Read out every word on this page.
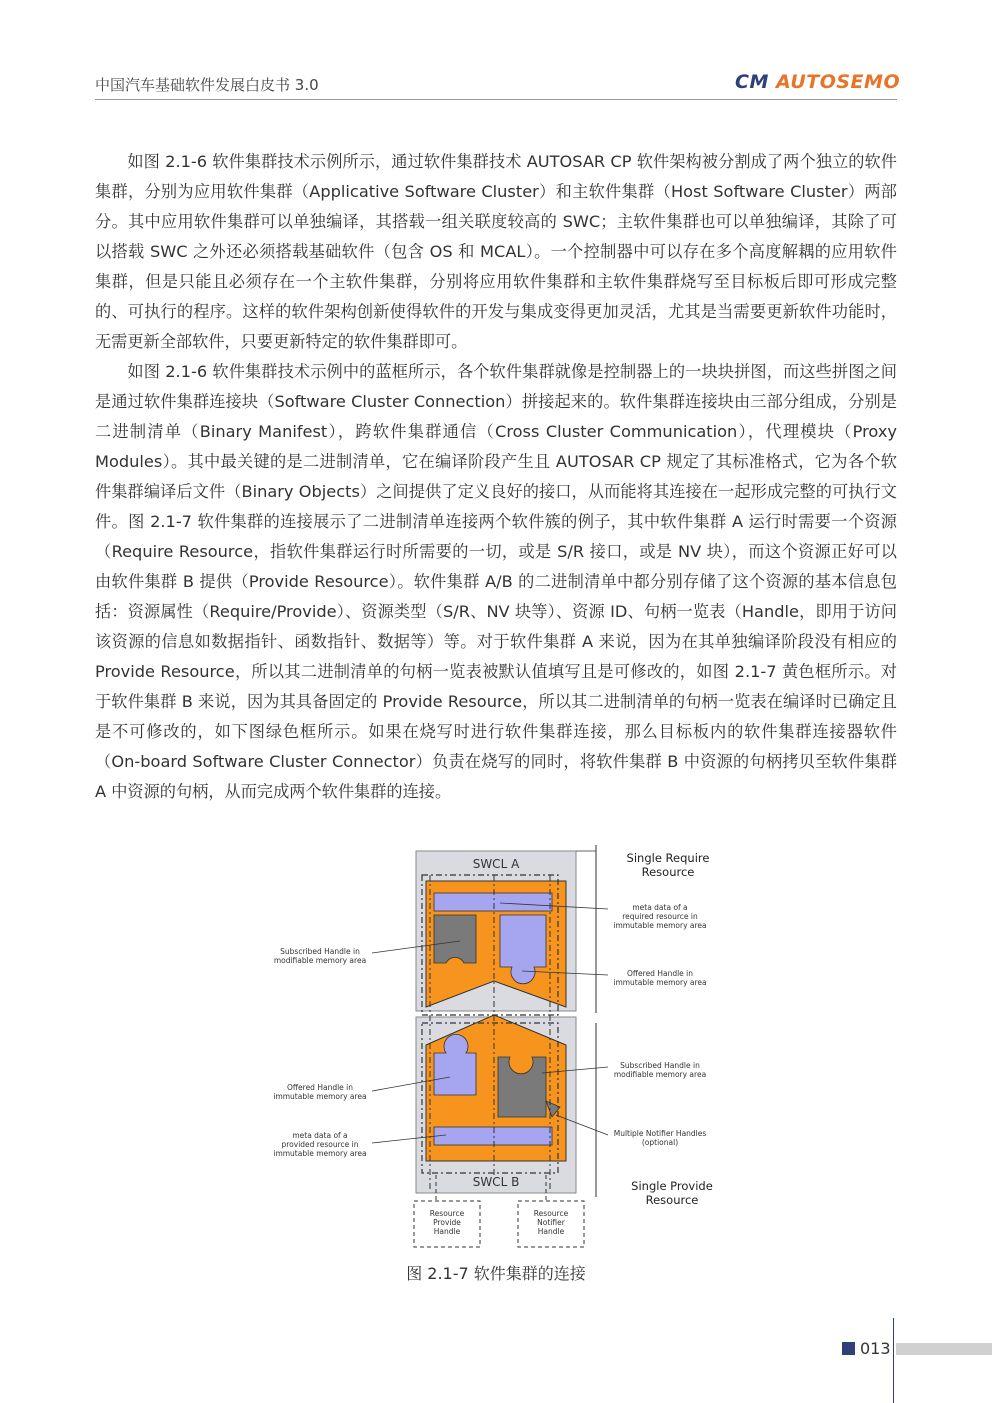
中国汽车基础软件发展白皮书 3.0	CM AUTOSEMO

如图 2.1-6 软件集群技术示例所示，通过软件集群技术 AUTOSAR CP 软件架构被分割成了两个独立的软件集群，分别为应用软件集群（Applicative Software Cluster）和主软件集群（Host Software Cluster）两部分。其中应用软件集群可以单独编译，其搭载一组关联度较高的 SWC；主软件集群也可以单独编译，其除了可以搭载 SWC 之外还必须搭载基础软件（包含 OS 和 MCAL）。一个控制器中可以存在多个高度解耦的应用软件集群，但是只能且必须存在一个主软件集群，分别将应用软件集群和主软件集群烧写至目标板后即可形成完整的、可执行的程序。这样的软件架构创新使得软件的开发与集成变得更加灵活，尤其是当需要更新软件功能时，无需更新全部软件，只要更新特定的软件集群即可。

如图 2.1-6 软件集群技术示例中的蓝框所示，各个软件集群就像是控制器上的一块块拼图，而这些拼图之间是通过软件集群连接块（Software Cluster Connection）拼接起来的。软件集群连接块由三部分组成，分别是二进制清单（Binary Manifest），跨软件集群通信（Cross Cluster Communication），代理模块（Proxy Modules）。其中最关键的是二进制清单，它在编译阶段产生且 AUTOSAR CP 规定了其标准格式，它为各个软件集群编译后文件（Binary Objects）之间提供了定义良好的接口，从而能将其连接在一起形成完整的可执行文件。图 2.1-7 软件集群的连接展示了二进制清单连接两个软件簇的例子，其中软件集群 A 运行时需要一个资源（Require Resource，指软件集群运行时所需要的一切，或是 S/R 接口，或是 NV 块），而这个资源正好可以由软件集群 B 提供（Provide Resource）。软件集群 A/B 的二进制清单中都分别存储了这个资源的基本信息包括：资源属性（Require/Provide）、资源类型（S/R、NV 块等）、资源 ID、句柄一览表（Handle，即用于访问该资源的信息如数据指针、函数指针、数据等）等。对于软件集群 A 来说，因为在其单独编译阶段没有相应的 Provide Resource，所以其二进制清单的句柄一览表被默认值填写且是可修改的，如图 2.1-7 黄色框所示。对于软件集群 B 来说，因为其具备固定的 Provide Resource，所以其二进制清单的句柄一览表在编译时已确定且是不可修改的，如下图绿色框所示。如果在烧写时进行软件集群连接，那么目标板内的软件集群连接器软件（On-board Software Cluster Connector）负责在烧写的同时，将软件集群 B 中资源的句柄拷贝至软件集群 A 中资源的句柄，从而完成两个软件集群的连接。

SWCL A
SWCL B
Single Require
Resource
Single Provide
Resource
meta data of a
required resource in
immutable memory area
Offered Handle in
immutable memory area
Subscribed Handle in
modifiable memory area
Subscribed Handle in
modifiable memory area
Multiple Notifier Handles
(optional)
Offered Handle in
immutable memory area
meta data of a
provided resource in
immutable memory area
Resource
Provide
Handle
Resource
Notifier
Handle
图 2.1-7 软件集群的连接
013
